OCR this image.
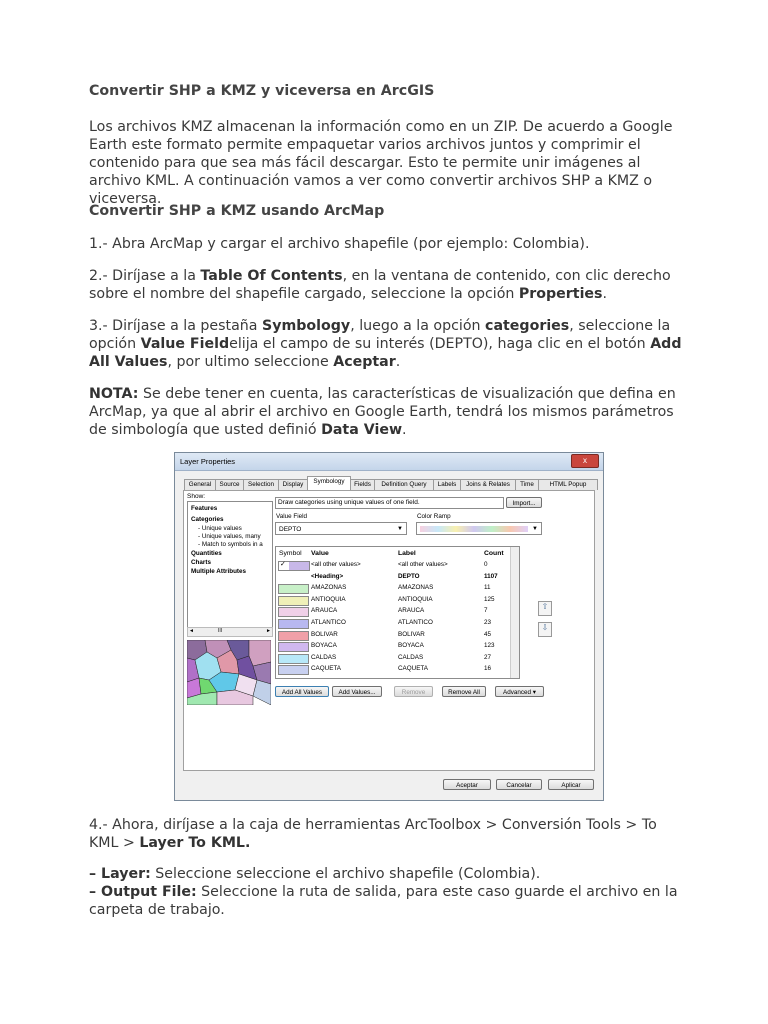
Convertir SHP a KMZ y viceversa en ArcGIS

Los archivos KMZ almacenan la información como en un ZIP. De acuerdo a Google Earth este formato permite empaquetar varios archivos juntos y comprimir el contenido para que sea más fácil descargar. Esto te permite unir imágenes al archivo KML. A continuación vamos a ver como convertir archivos SHP a KMZ o viceversa.

Convertir SHP a KMZ usando ArcMap

1.- Abra ArcMap y cargar el archivo shapefile (por ejemplo: Colombia).

2.- Diríjase a la Table Of Contents, en la ventana de contenido, con clic derecho sobre el nombre del shapefile cargado, seleccione la opción Properties.

3.- Diríjase a la pestaña Symbology, luego a la opción categories, seleccione la opción Value Fieldelija el campo de su interés (DEPTO), haga clic en el botón Add All Values, por ultimo seleccione Aceptar.

NOTA: Se debe tener en cuenta, las características de visualización que defina en ArcMap, ya que al abrir el archivo en Google Earth, tendrá los mismos parámetros de simbología que usted definió Data View.

4.- Ahora, diríjase a la caja de herramientas ArcToolbox > Conversión Tools > To KML > Layer To KML.

– Layer: Seleccione seleccione el archivo shapefile (Colombia).

– Output File: Seleccione la ruta de salida, para este caso guarde el archivo en la carpeta de trabajo.

Layer Properties	x
General	Source	Selection	Display	Symbology	Fields	Definition Query	Labels	Joins & Relates	Time	HTML Popup
Show:
Features
Categories
- Unique values
- Unique values, many
- Match to symbols in a
Quantities
Charts
Multiple Attributes
◄	III	►
Draw categories using unique values of one field.	Import...
Value Field
DEPTO	▼
Color Ramp
▼
Symbol Value	Label	Count
✓	<all other values>	<all other values>	0
<Heading>	DEPTO	1107
AMAZONAS	AMAZONAS	11
ANTIOQUIA	ANTIOQUIA	125
ARAUCA	ARAUCA	7
ATLANTICO	ATLANTICO	23
BOLIVAR	BOLIVAR	45
BOYACA	BOYACA	123
CALDAS	CALDAS	27
CAQUETA	CAQUETA	16
⇧
⇩
Add All Values	Add Values...	Remove	Remove All	Advanced ▾
Aceptar	Cancelar	Aplicar
